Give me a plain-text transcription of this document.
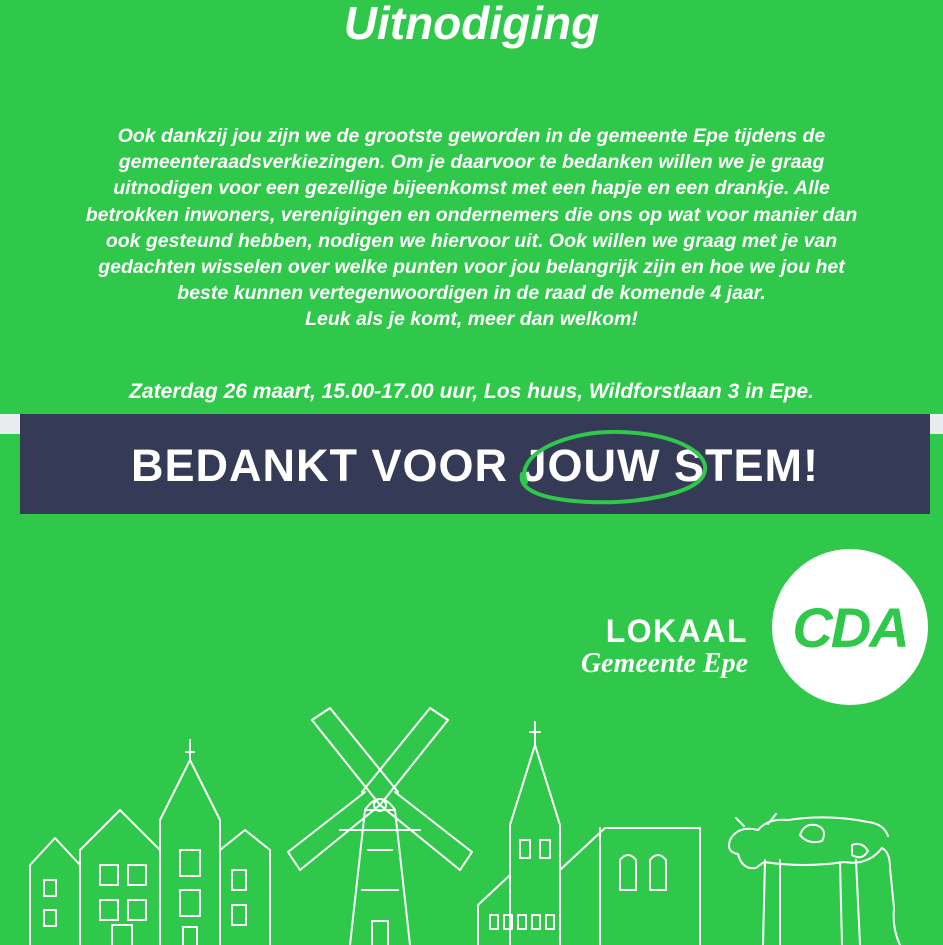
Uitnodiging

Ook dankzij jou zijn we de grootste geworden in de gemeente Epe tijdens de

gemeenteraadsverkiezingen. Om je daarvoor te bedanken willen we je graag

uitnodigen voor een gezellige bijeenkomst met een hapje en een drankje. Alle

betrokken inwoners, verenigingen en ondernemers die ons op wat voor manier dan

ook gesteund hebben, nodigen we hiervoor uit. Ook willen we graag met je van

gedachten wisselen over welke punten voor jou belangrijk zijn en hoe we jou het

beste kunnen vertegenwoordigen in de raad de komende 4 jaar.

Leuk als je komt, meer dan welkom!

Zaterdag 26 maart, 15.00-17.00 uur, Los huus, Wildforstlaan 3 in Epe.
BEDANKT VOOR JOUW
STEM!
LOKAAL
Gemeente Epe
CDA
